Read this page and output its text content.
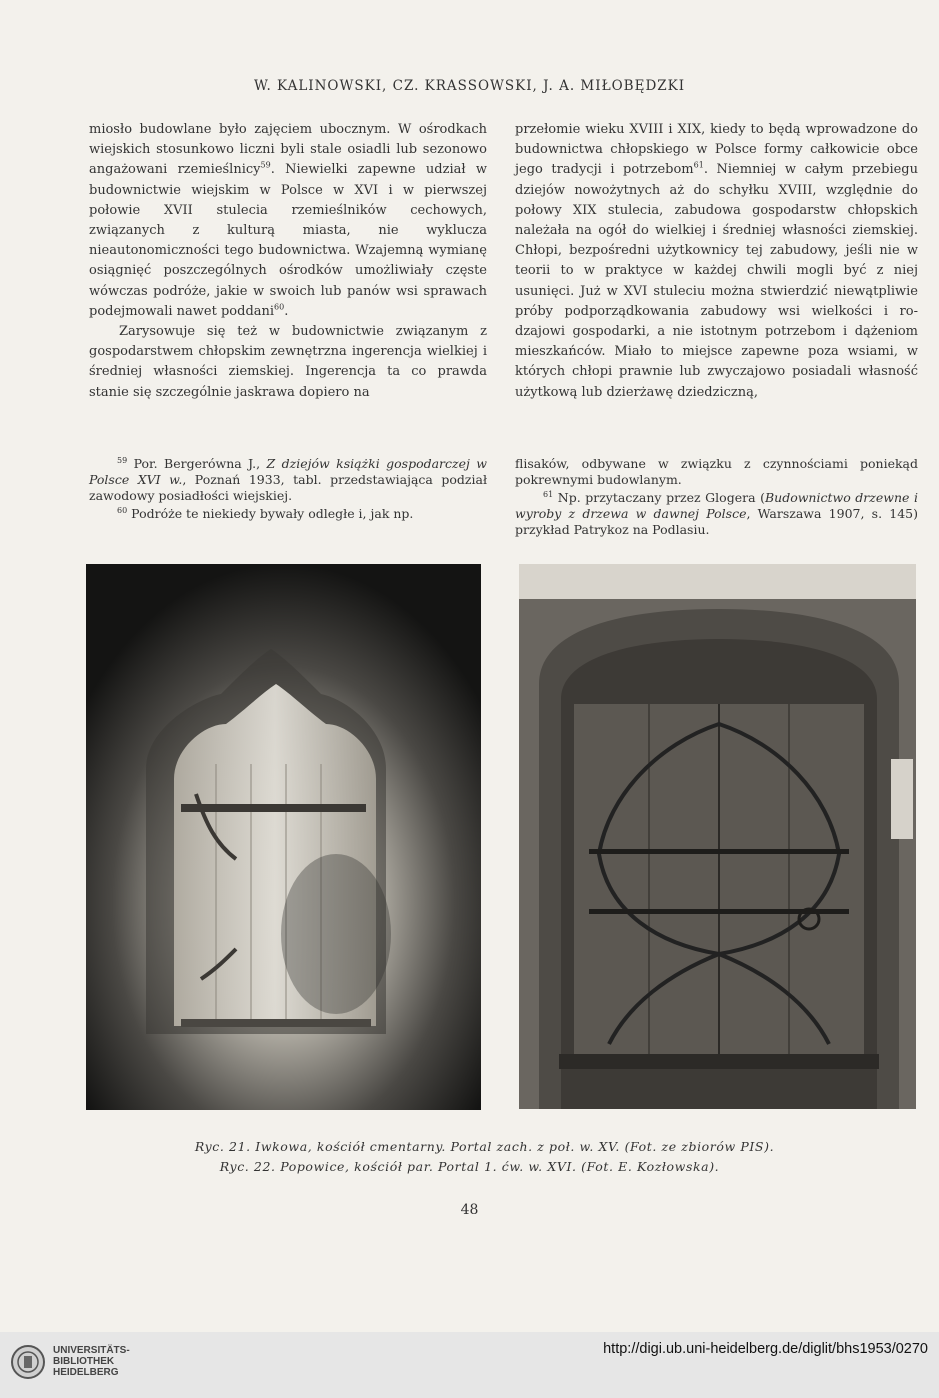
W. KALINOWSKI, CZ. KRASSOWSKI, J. A. MIŁOBĘDZKI

miosło budowlane było zajęciem ubocznym. W ośrodkach wiejskich stosunkowo liczni byli stale osiadli lub sezonowo angażowani rzemieślnicy$^{59}$. Niewielki zapewne udział w budownictwie wiejskim w Polsce w XVI i w pierwszej połowie XVII stulecia rzemieślników cechowych, związanych z kulturą miasta, nie wyklucza nieautonomiczności tego budownictwa. Wzajemną wymianę osiągnięć poszczególnych ośrodków umożliwiały częste wówczas podróże, jakie w swoich lub panów wsi sprawach podejmowali nawet poddani$^{60}$.

Zarysowuje się też w budownictwie związanym z gospodarstwem chłopskim zewnętrzna ingerencja wielkiej i średniej własności ziemskiej. Ingerencja ta co prawda stanie się szczególnie jaskrawa dopiero na

przełomie wieku XVIII i XIX, kiedy to będą wprowadzone do budownictwa chłopskiego w Polsce formy całkowicie obce jego tradycji i potrzebom$^{61}$. Niemniej w całym przebiegu dziejów nowożytnych aż do schyłku XVIII, względnie do połowy XIX stulecia, zabudowa gospodarstw chłopskich należała na ogół do wielkiej i średniej własności ziemskiej. Chłopi, bezpośredni użytkownicy tej zabudowy, jeśli nie w teorii to w praktyce w każdej chwili mogli być z niej usunięci. Już w XVI stuleciu można stwierdzić niewątpliwie próby podporządkowania zabudowy wsi wielkości i rodzajowi gospodarki, a nie istotnym potrzebom i dążeniom mieszkańców. Miało to miejsce zapewne poza wsiami, w których chłopi prawnie lub zwyczajowo posiadali własność użytkową lub dzierżawę dziedziczną,

$^{59}$ Por. Bergerówna J., Z dziejów książki gospodarczej w Polsce XVI w., Poznań 1933, tabl. przedstawiająca podział zawodowy posiadłości wiejskiej.

$^{60}$ Podróże te niekiedy bywały odległe i, jak np.

flisaków, odbywane w związku z czynnościami poniekąd pokrewnymi budowlanym.

$^{61}$ Np. przytaczany przez Glogera (Budownictwo drzewne i wyroby z drzewa w dawnej Polsce, Warszawa 1907, s. 145) przykład Patrykoz na Podlasiu.

Ryc. 21. Iwkowa, kościół cmentarny. Portal zach. z poł. w. XV. (Fot. ze zbiorów PIS).
Ryc. 22. Popowice, kościół par. Portal 1. ćw. w. XVI. (Fot. E. Kozłowska).
48
UNIVERSITÄTS-
BIBLIOTHEK
HEIDELBERG
http://digi.ub.uni-heidelberg.de/diglit/bhs1953/0270
